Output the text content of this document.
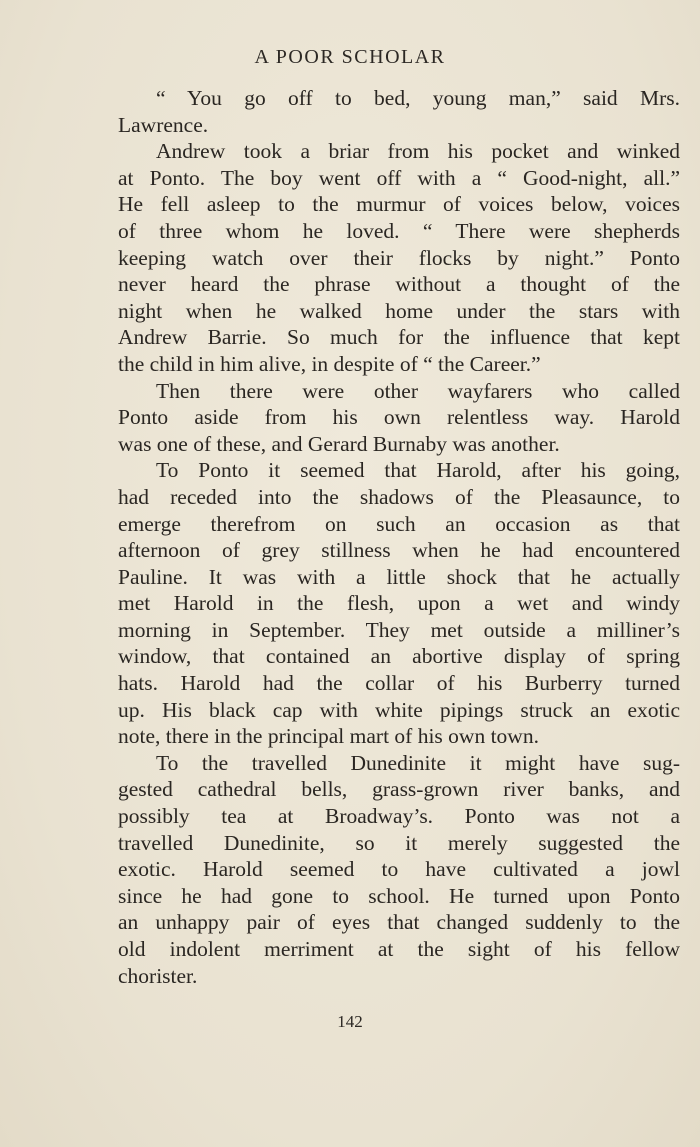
A POOR SCHOLAR
“ You go off to bed, young man,” said Mrs.
Lawrence.
Andrew took a briar from his pocket and winked
at Ponto. The boy went off with a “ Good-night, all.”
He fell asleep to the murmur of voices below, voices
of three whom he loved. “ There were shepherds
keeping watch over their flocks by night.” Ponto
never heard the phrase without a thought of the
night when he walked home under the stars with
Andrew Barrie. So much for the influence that kept
the child in him alive, in despite of “ the Career.”
Then there were other wayfarers who called
Ponto aside from his own relentless way. Harold
was one of these, and Gerard Burnaby was another.
To Ponto it seemed that Harold, after his going,
had receded into the shadows of the Pleasaunce, to
emerge therefrom on such an occasion as that
afternoon of grey stillness when he had encountered
Pauline. It was with a little shock that he actually
met Harold in the flesh, upon a wet and windy
morning in September. They met outside a milliner’s
window, that contained an abortive display of spring
hats. Harold had the collar of his Burberry turned
up. His black cap with white pipings struck an exotic
note, there in the principal mart of his own town.
To the travelled Dunedinite it might have sug-
gested cathedral bells, grass-grown river banks, and
possibly tea at Broadway’s. Ponto was not a
travelled Dunedinite, so it merely suggested the
exotic. Harold seemed to have cultivated a jowl
since he had gone to school. He turned upon Ponto
an unhappy pair of eyes that changed suddenly to the
old indolent merriment at the sight of his fellow
chorister.
142
